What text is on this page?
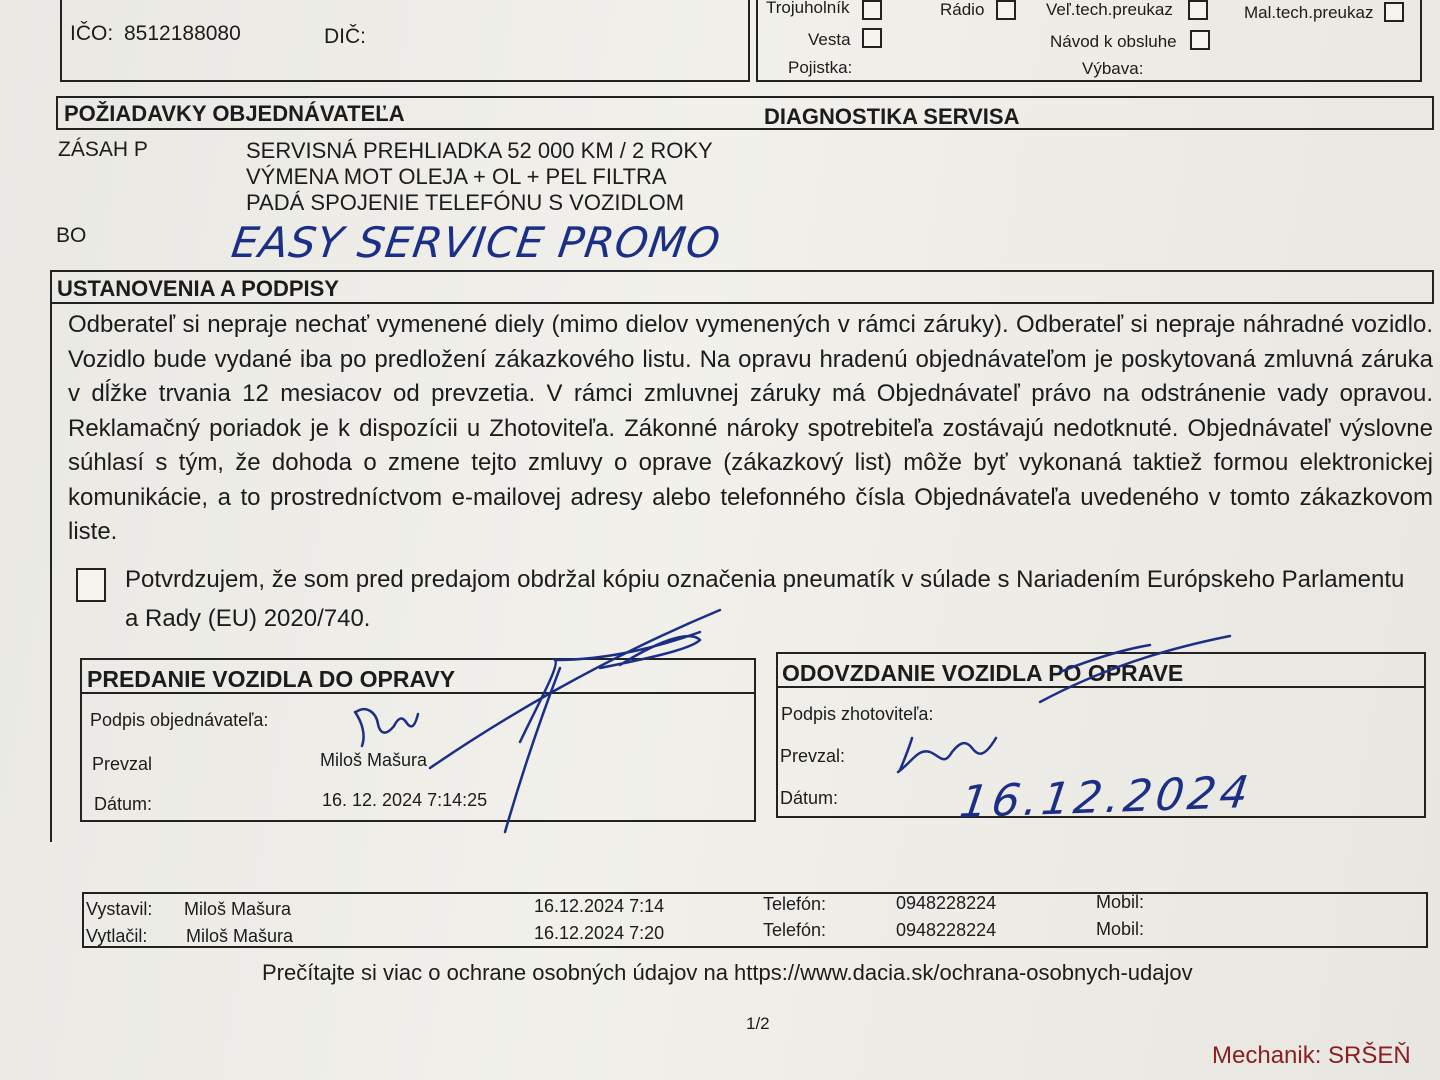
IČO: 8512188080	DIČ:
Trojuholník	Rádio	Veľ.tech.preukaz	Mal.tech.preukaz
Vesta	Návod k obsluhe
Pojistka:	Výbava:
POŽIADAVKY OBJEDNÁVATEĽA	DIAGNOSTIKA SERVISA
ZÁSAH P	SERVISNÁ PREHLIADKA 52 000 KM / 2 ROKY
VÝMENA MOT OLEJA + OL + PEL FILTRA
PADÁ SPOJENIE TELEFÓNU S VOZIDLOM
BO	EASY SERVICE PROMO
USTANOVENIA A PODPISY
Odberateľ si nepraje nechať vymenené diely (mimo dielov vymenených v rámci záruky). Odberateľ si nepraje náhradné vozidlo. Vozidlo bude vydané iba po predložení zákazkového listu. Na opravu hradenú objednávateľom je poskytovaná zmluvná záruka v dĺžke trvania 12 mesiacov od prevzetia. V rámci zmluvnej záruky má Objednávateľ právo na odstránenie vady opravou. Reklamačný poriadok je k dispozícii u Zhotoviteľa. Zákonné nároky spotrebiteľa zostávajú nedotknuté. Objednávateľ výslovne súhlasí s tým, že dohoda o zmene tejto zmluvy o oprave (zákazkový list) môže byť vykonaná taktiež formou elektronickej komunikácie, a to prostredníctvom e-mailovej adresy alebo telefonného čísla Objednávateľa uvedeného v tomto zákazkovom liste.
Potvrdzujem, že som pred predajom obdržal kópiu označenia pneumatík v súlade s Nariadením Európskeho Parlamentu
a Rady (EU) 2020/740.
PREDANIE VOZIDLA DO OPRAVY
Podpis objednávateľa:
Prevzal	Miloš Mašura
Dátum:	16. 12. 2024 7:14:25
ODOVZDANIE VOZIDLA PO OPRAVE
Podpis zhotoviteľa:
Prevzal:
Dátum:	16.12.2024
Vystavil: Miloš Mašura	16.12.2024 7:14	Telefón:	0948228224	Mobil:
Vytlačil: Miloš Mašura	16.12.2024 7:20	Telefón:	0948228224	Mobil:
Prečítajte si viac o ochrane osobných údajov na https://www.dacia.sk/ochrana-osobnych-udajov
1/2
Mechanik: SRŠEŇ
